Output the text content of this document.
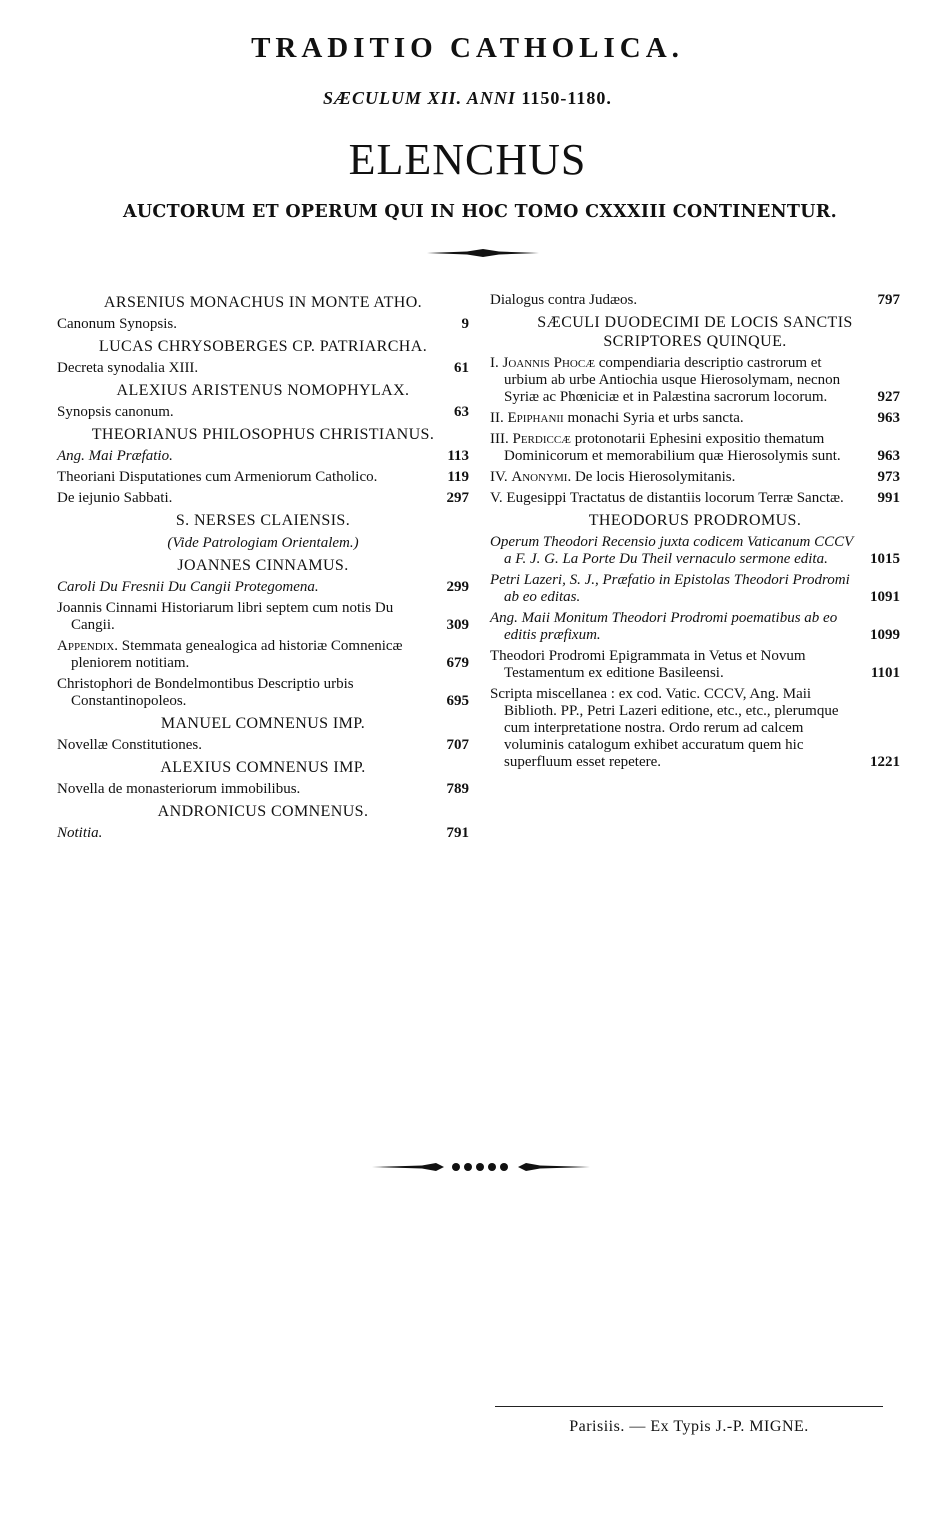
TRADITIO CATHOLICA.
SÆCULUM XII. ANNI 1150-1180.
ELENCHUS
AUCTORUM ET OPERUM QUI IN HOC TOMO CXXXIII CONTINENTUR.
ARSENIUS MONACHUS IN MONTE ATHO.
Canonum Synopsis.	9
LUCAS CHRYSOBERGES CP. PATRIARCHA.
Decreta synodalia XIII.	61
ALEXIUS ARISTENUS NOMOPHYLAX.
Synopsis canonum.	63
THEORIANUS PHILOSOPHUS CHRISTIANUS.
Ang. Mai Præfatio.	113
Theoriani Disputationes cum Armeniorum Catholico.	119
De iejunio Sabbati.	297
S. NERSES CLAIENSIS.
(Vide Patrologiam Orientalem.)
JOANNES CINNAMUS.
Caroli Du Fresnii Du Cangii Protegomena.	299
Joannis Cinnami Historiarum libri septem cum notis Du Cangii.	309
Appendix. Stemmata genealogica ad historiæ Comnenicæ pleniorem notitiam.	679
Christophori de Bondelmontibus Descriptio urbis Constantinopoleos.	695
MANUEL COMNENUS IMP.
Novellæ Constitutiones.	707
ALEXIUS COMNENUS IMP.
Novella de monasteriorum immobilibus.	789
ANDRONICUS COMNENUS.
Notitia.	791
Dialogus contra Judæos.	797
SÆCULI DUODECIMI DE LOCIS SANCTIS SCRIPTORES QUINQUE.
I. Joannis Phocæ compendiaria descriptio castrorum et urbium ab urbe Antiochia usque Hierosolymam, necnon Syriæ ac Phœniciæ et in Palæstina sacrorum locorum.	927
II. Epiphanii monachi Syria et urbs sancta.	963
III. Perdiccæ protonotarii Ephesini expositio thematum Dominicorum et memorabilium quæ Hierosolymis sunt.	963
IV. Anonymi. De locis Hierosolymitanis.	973
V. Eugesippi Tractatus de distantiis locorum Terræ Sanctæ.	991
THEODORUS PRODROMUS.
Operum Theodori Recensio juxta codicem Vaticanum CCCV a F. J. G. La Porte Du Theil vernaculo sermone edita.	1015
Petri Lazeri, S. J., Præfatio in Epistolas Theodori Prodromi ab eo editas.	1091
Ang. Maii Monitum Theodori Prodromi poematibus ab eo editis præfixum.	1099
Theodori Prodromi Epigrammata in Vetus et Novum Testamentum ex editione Basileensi.	1101
Scripta miscellanea : ex cod. Vatic. CCCV, Ang. Maii Biblioth. PP., Petri Lazeri editione, etc., etc., plerumque cum interpretatione nostra. Ordo rerum ad calcem voluminis catalogum exhibet accuratum quem hic superfluum esset repetere.	1221
Parisiis. — Ex Typis J.-P. MIGNE.
